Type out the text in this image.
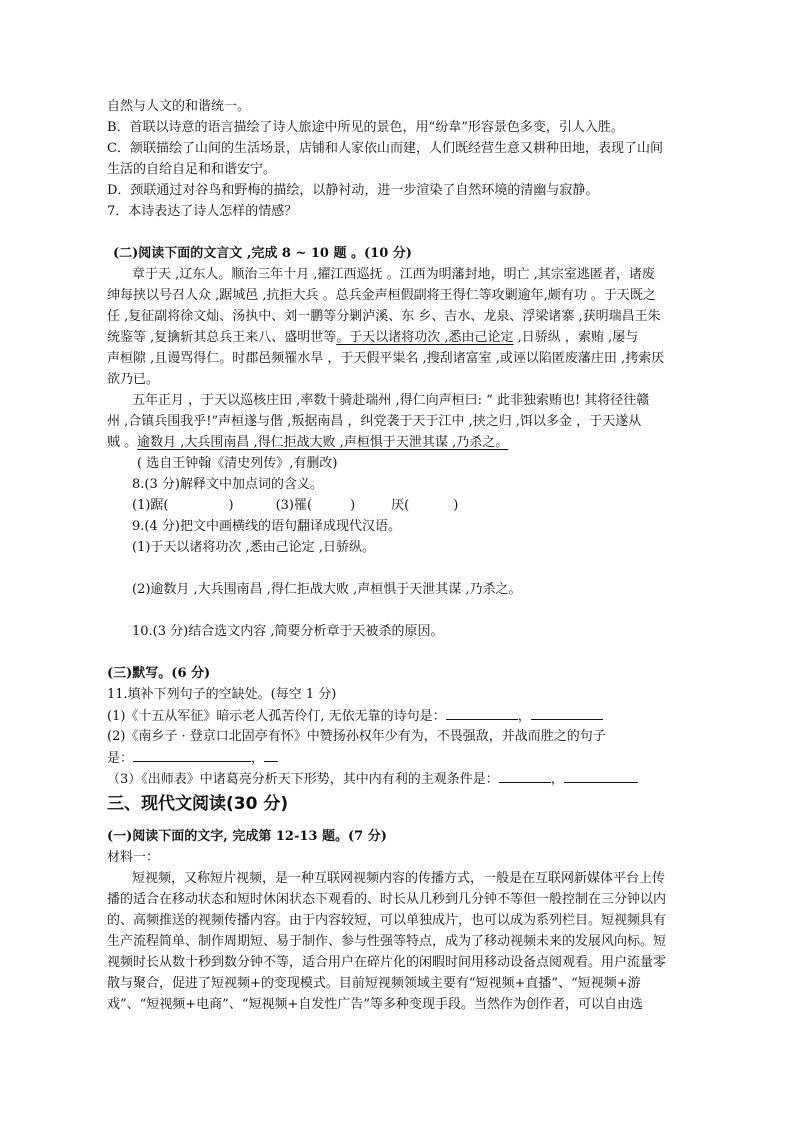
自然与人文的和谐统一。
B．首联以诗意的语言描绘了诗人旅途中所见的景色，用“纷韋”形容景色多变，引人入胜。
C．颔联描绘了山间的生活场景，店铺和人家依山而建，人们既经营生意又耕种田地，表现了山间
生活的自给自足和和谐安宁。
D．颈联通过对谷鸟和野梅的描绘，以静衬动，进一步渲染了自然环境的清幽与寂静。
7．本诗表达了诗人怎样的情感？
(二)阅读下面的文言文 ,完成 8 ~ 10 题 。(10 分)
章于天 ,辽东人。顺治三年十月 ,擢江西巡抚 。江西为明藩封地，明亡 ,其宗室逃匿者，诸废
绅每挟以号召人众 ,踞城邑 ,抗拒大兵 。总兵金声桓假副将王得仁等攻剿逾年,颇有功 。于天既之
任 ,复征副将徐文灿、汤执中、刘一鹏等分剿泸溪、东 乡、吉水、龙泉、浮梁诸寨 ,获明瑞昌王朱
统鉴等 ,复擒斩其总兵王来八、盛明世等。于天以诸将功次 ,悉由己论定 ,日骄纵 ，索贿 ,屡与
声桓隙 ,且谩骂得仁。时郡邑频罹水旱 ，于天假平粜名 ,搜刮诸富室 ,或诬以陷匿废藩庄田 ,拷索厌
欲乃已。
五年正月 ，于天以巡核庄田 ,率数十骑赴瑞州 ,得仁向声桓曰: “ 此非独索贿也! 其将径往赣
州 ,合镇兵围我乎!”声桓遂与偕 ,叛据南昌 ，纠党袭于天于江中 ,挟之归 ,饵以多金 ，于天遂从
贼 。逾数月 ,大兵围南昌 ,得仁拒战大败 ,声桓惧于天泄其谋 ,乃杀之。
( 选自王钟翰《清史列传》,有删改)
8.(3 分)解释文中加点词的含义。
(1)踞(	)	(3)罹(	)	厌(	)
9.(4 分)把文中画横线的语句翻译成现代汉语。
(1)于天以诸将功次 ,悉由己论定 ,日骄纵。
(2)逾数月 ,大兵围南昌 ,得仁拒战大败 ,声桓惧于天泄其谋 ,乃杀之。
10.(3 分)结合选文内容 ,简要分析章于天被杀的原因。
(三)默写。(6 分)
11.填补下列句子的空缺处。(每空 1 分)
(1)《十五从军征》暗示老人孤苦伶仃, 无依无靠的诗句是：	，
(2)《南乡子 · 登京口北固亭有怀》中赞扬孙权年少有为，不畏强敌，并战而胜之的句子
是：	，
（3）《出师表》中诸葛亮分析天下形势，其中内有利的主观条件是：	，
三、现代文阅读(30 分)
(一)阅读下面的文字, 完成第 12-13 题。(7 分)
材料一：
短视频，又称短片视频，是一种互联网视频内容的传播方式，一般是在互联网新媒体平台上传
播的适合在移动状态和短时休闲状态下观看的、时长从几秒到几分钟不等但一般控制在三分钟以内
的、高频推送的视频传播内容。由于内容较短，可以单独成片，也可以成为系列栏目。短视频具有
生产流程简单、制作周期短、易于制作、参与性强等特点，成为了移动视频未来的发展风向标。短
视频时长从数十秒到数分钟不等，适合用户在碎片化的闲暇时间用移动设备点阅观看。用户流量零
散与聚合，促进了短视频+的变现模式。目前短视频领域主要有“短视频+直播”、“短视频+游
戏”、“短视频+电商”、“短视频+自发性广告”等多种变现手段。当然作为创作者，可以自由选
